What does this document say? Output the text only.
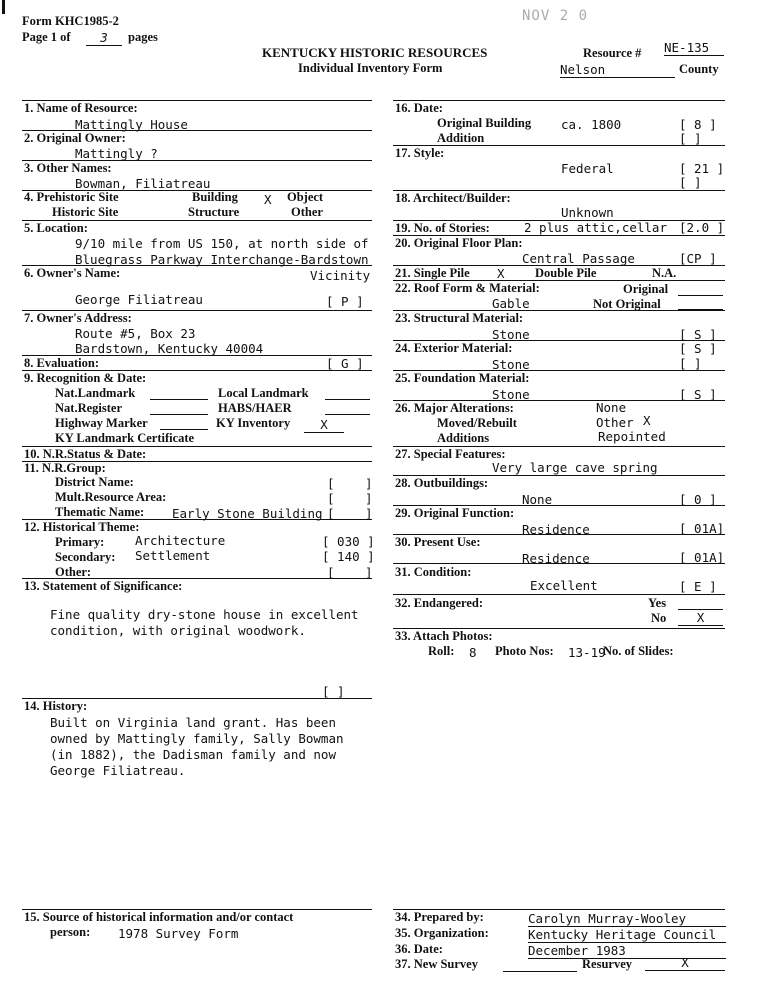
Form KHC1985-2
Page 1 of	3	pages
NOV 2 0
KENTUCKY HISTORIC RESOURCES
Individual Inventory Form
Resource # NE-135
Nelson	County
1. Name of Resource:
Mattingly House
2. Original Owner:
Mattingly ?
3. Other Names:
Bowman, Filiatreau
4. Prehistoric Site	Building X Object
Historic Site	Structure	Other
5. Location:
9/10 mile from US 150, at north side of
Bluegrass Parkway Interchange-Bardstown
6. Owner's Name:	Vicinity
George Filiatreau	[ P ]
7. Owner's Address:
Route #5, Box 23
Bardstown, Kentucky 40004
8. Evaluation:	[ G ]
9. Recognition & Date:
Nat.Landmark	Local Landmark
Nat.Register	HABS/HAER
Highway Marker	KY Inventory	X
KY Landmark Certificate
10. N.R.Status & Date:
11. N.R.Group:
District Name:	[ ]
Mult.Resource Area:	[ ]
Thematic Name: Early Stone Building [ ]
12. Historical Theme:
Primary: Architecture	[ 030 ]
Secondary: Settlement	[ 140 ]
Other:	[ ]
13. Statement of Significance:
Fine quality dry-stone house in excellent
condition, with original woodwork.
[ ]
14. History:
Built on Virginia land grant. Has been
owned by Mattingly family, Sally Bowman
(in 1882), the Dadisman family and now
George Filiatreau.
15. Source of historical information and/or contact
person: 1978 Survey Form
16. Date:
Original Building ca. 1800	[ 8 ]
Addition	[ ]
17. Style:
Federal	[ 21 ]
[ ]
18. Architect/Builder:
Unknown
19. No. of Stories:	2 plus attic,cellar [2.0 ]
20. Original Floor Plan:
Central Passage	[CP ]
21. Single Pile X Double Pile	N.A.
22. Roof Form & Material:	Original
Gable	Not Original
23. Structural Material:
Stone	[ S ]
24. Exterior Material:	[ S ]
Stone	[ ]
25. Foundation Material:
Stone	[ S ]
26. Major Alterations:	None
Moved/Rebuilt	Other X
Additions	Repointed
27. Special Features:
Very large cave spring
28. Outbuildings:
None	[ 0 ]
29. Original Function:
Residence	[ 01A]
30. Present Use:
Residence	[ 01A]
31. Condition:
Excellent	[ E ]
32. Endangered:	Yes
No	X
33. Attach Photos:
Roll: 8 Photo Nos: 13-19
No. of Slides:
34. Prepared by:	Carolyn Murray-Wooley
35. Organization:	Kentucky Heritage Council
36. Date:	December 1983
37. New Survey	Resurvey	X
